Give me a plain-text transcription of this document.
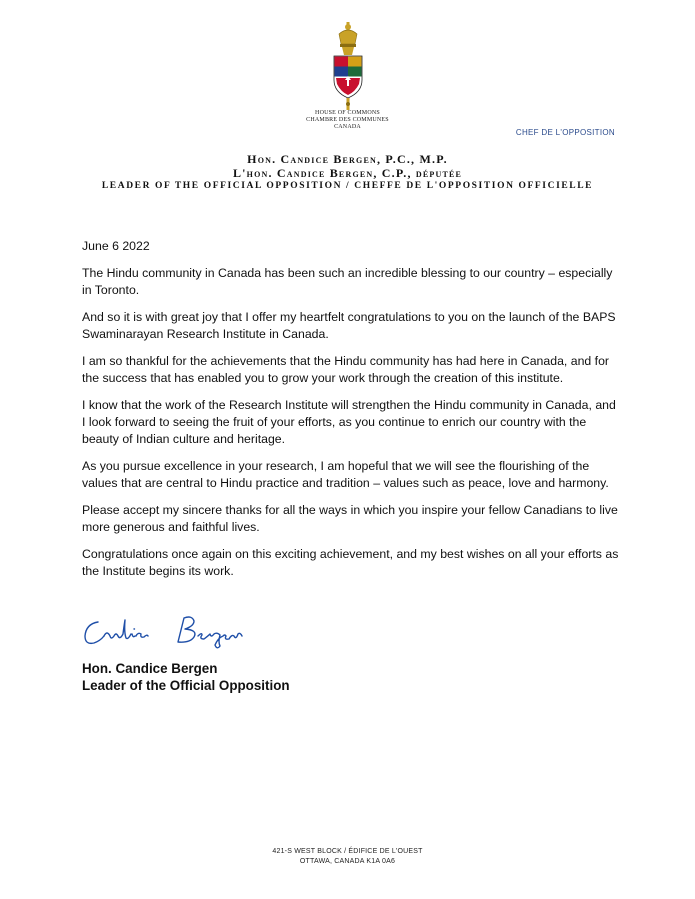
HOUSE OF COMMONS
CHAMBRE DES COMMUNES
CANADA
CHEF DE L'OPPOSITION
Hon. Candice Bergen, P.C., M.P.
L'hon. Candice Bergen, C.P., députée
LEADER OF THE OFFICIAL OPPOSITION / CHEFFE DE L'OPPOSITION OFFICIELLE

June 6 2022

The Hindu community in Canada has been such an incredible blessing to our country – especially in Toronto.

And so it is with great joy that I offer my heartfelt congratulations to you on the launch of the BAPS Swaminarayan Research Institute in Canada.

I am so thankful for the achievements that the Hindu community has had here in Canada, and for the success that has enabled you to grow your work through the creation of this institute.

I know that the work of the Research Institute will strengthen the Hindu community in Canada, and I look forward to seeing the fruit of your efforts, as you continue to enrich our country with the beauty of Indian culture and heritage.

As you pursue excellence in your research, I am hopeful that we will see the flourishing of the values that are central to Hindu practice and tradition – values such as peace, love and harmony.

Please accept my sincere thanks for all the ways in which you inspire your fellow Canadians to live more generous and faithful lives.

Congratulations once again on this exciting achievement, and my best wishes on all your efforts as the Institute begins its work.

Hon. Candice Bergen
Leader of the Official Opposition
421-S WEST BLOCK / ÉDIFICE DE L'OUEST
OTTAWA, CANADA K1A 0A6
